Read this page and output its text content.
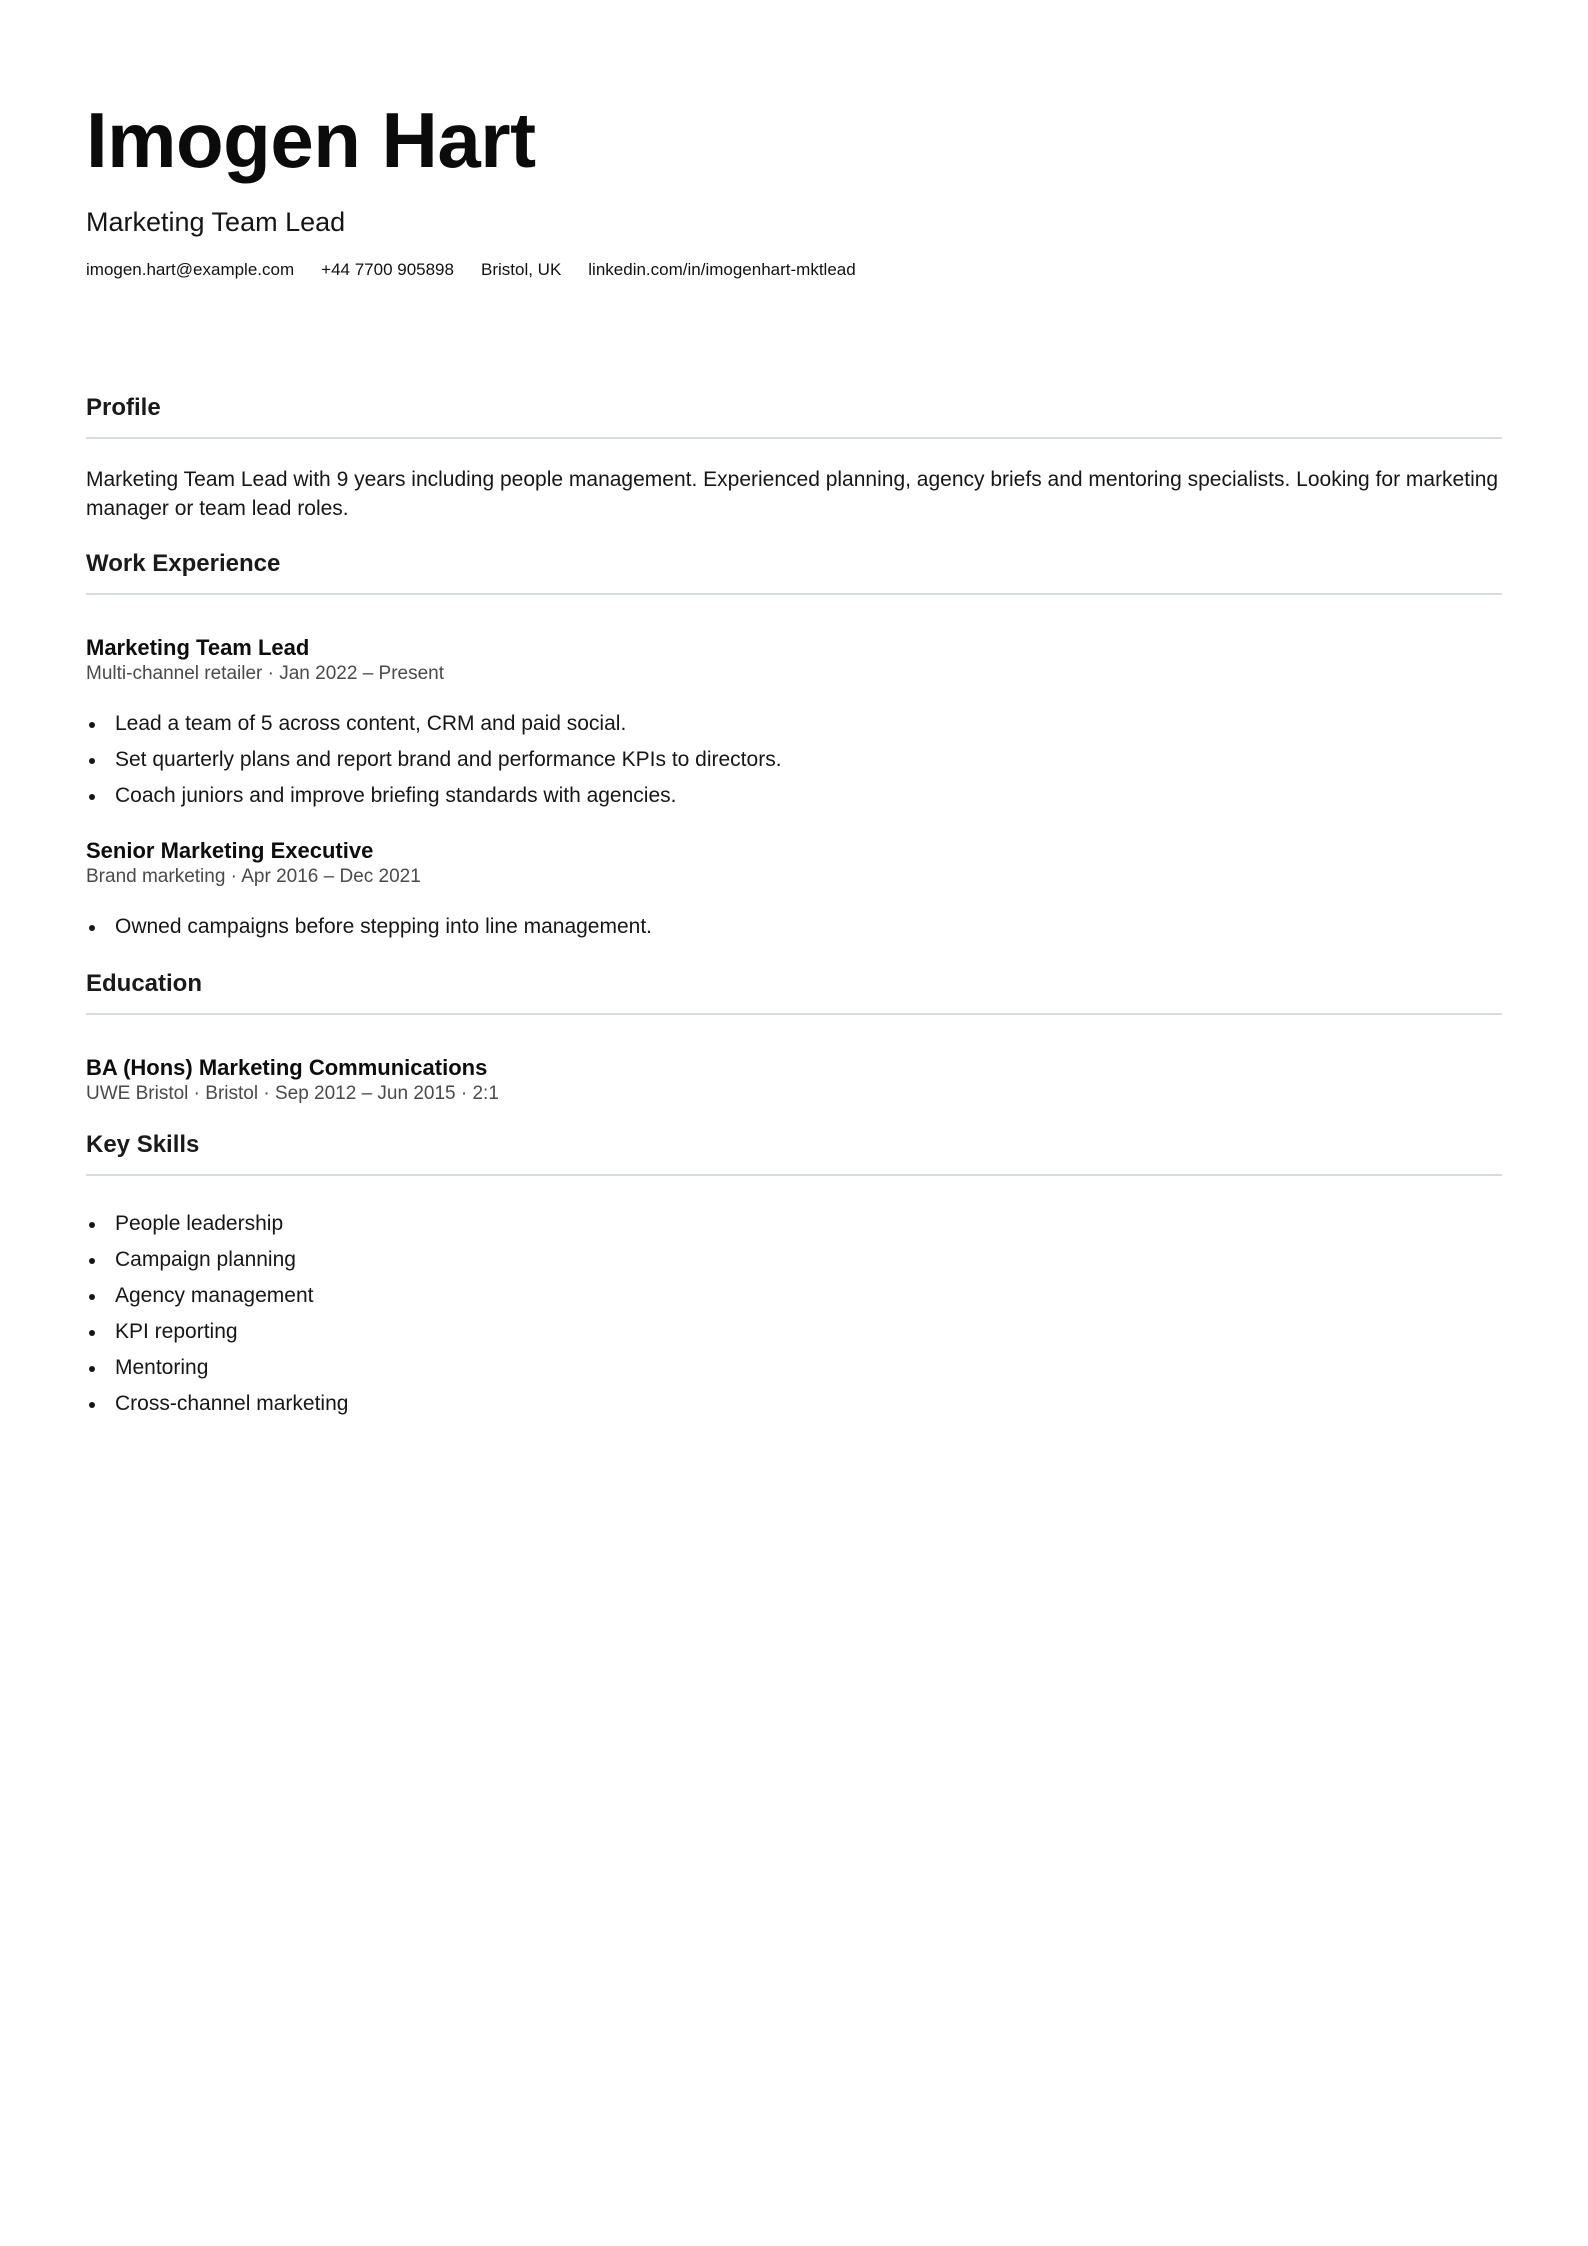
Imogen Hart
Marketing Team Lead
imogen.hart@example.com +44 7700 905898 Bristol, UK linkedin.com/in/imogenhart-mktlead
Profile
Marketing Team Lead with 9 years including people management. Experienced planning, agency briefs and mentoring specialists. Looking for marketing manager or team lead roles.
Work Experience
Marketing Team Lead
Multi-channel retailer · Jan 2022 – Present
Lead a team of 5 across content, CRM and paid social.
Set quarterly plans and report brand and performance KPIs to directors.
Coach juniors and improve briefing standards with agencies.
Senior Marketing Executive
Brand marketing · Apr 2016 – Dec 2021
Owned campaigns before stepping into line management.
Education
BA (Hons) Marketing Communications
UWE Bristol · Bristol · Sep 2012 – Jun 2015 · 2:1
Key Skills
People leadership
Campaign planning
Agency management
KPI reporting
Mentoring
Cross-channel marketing
